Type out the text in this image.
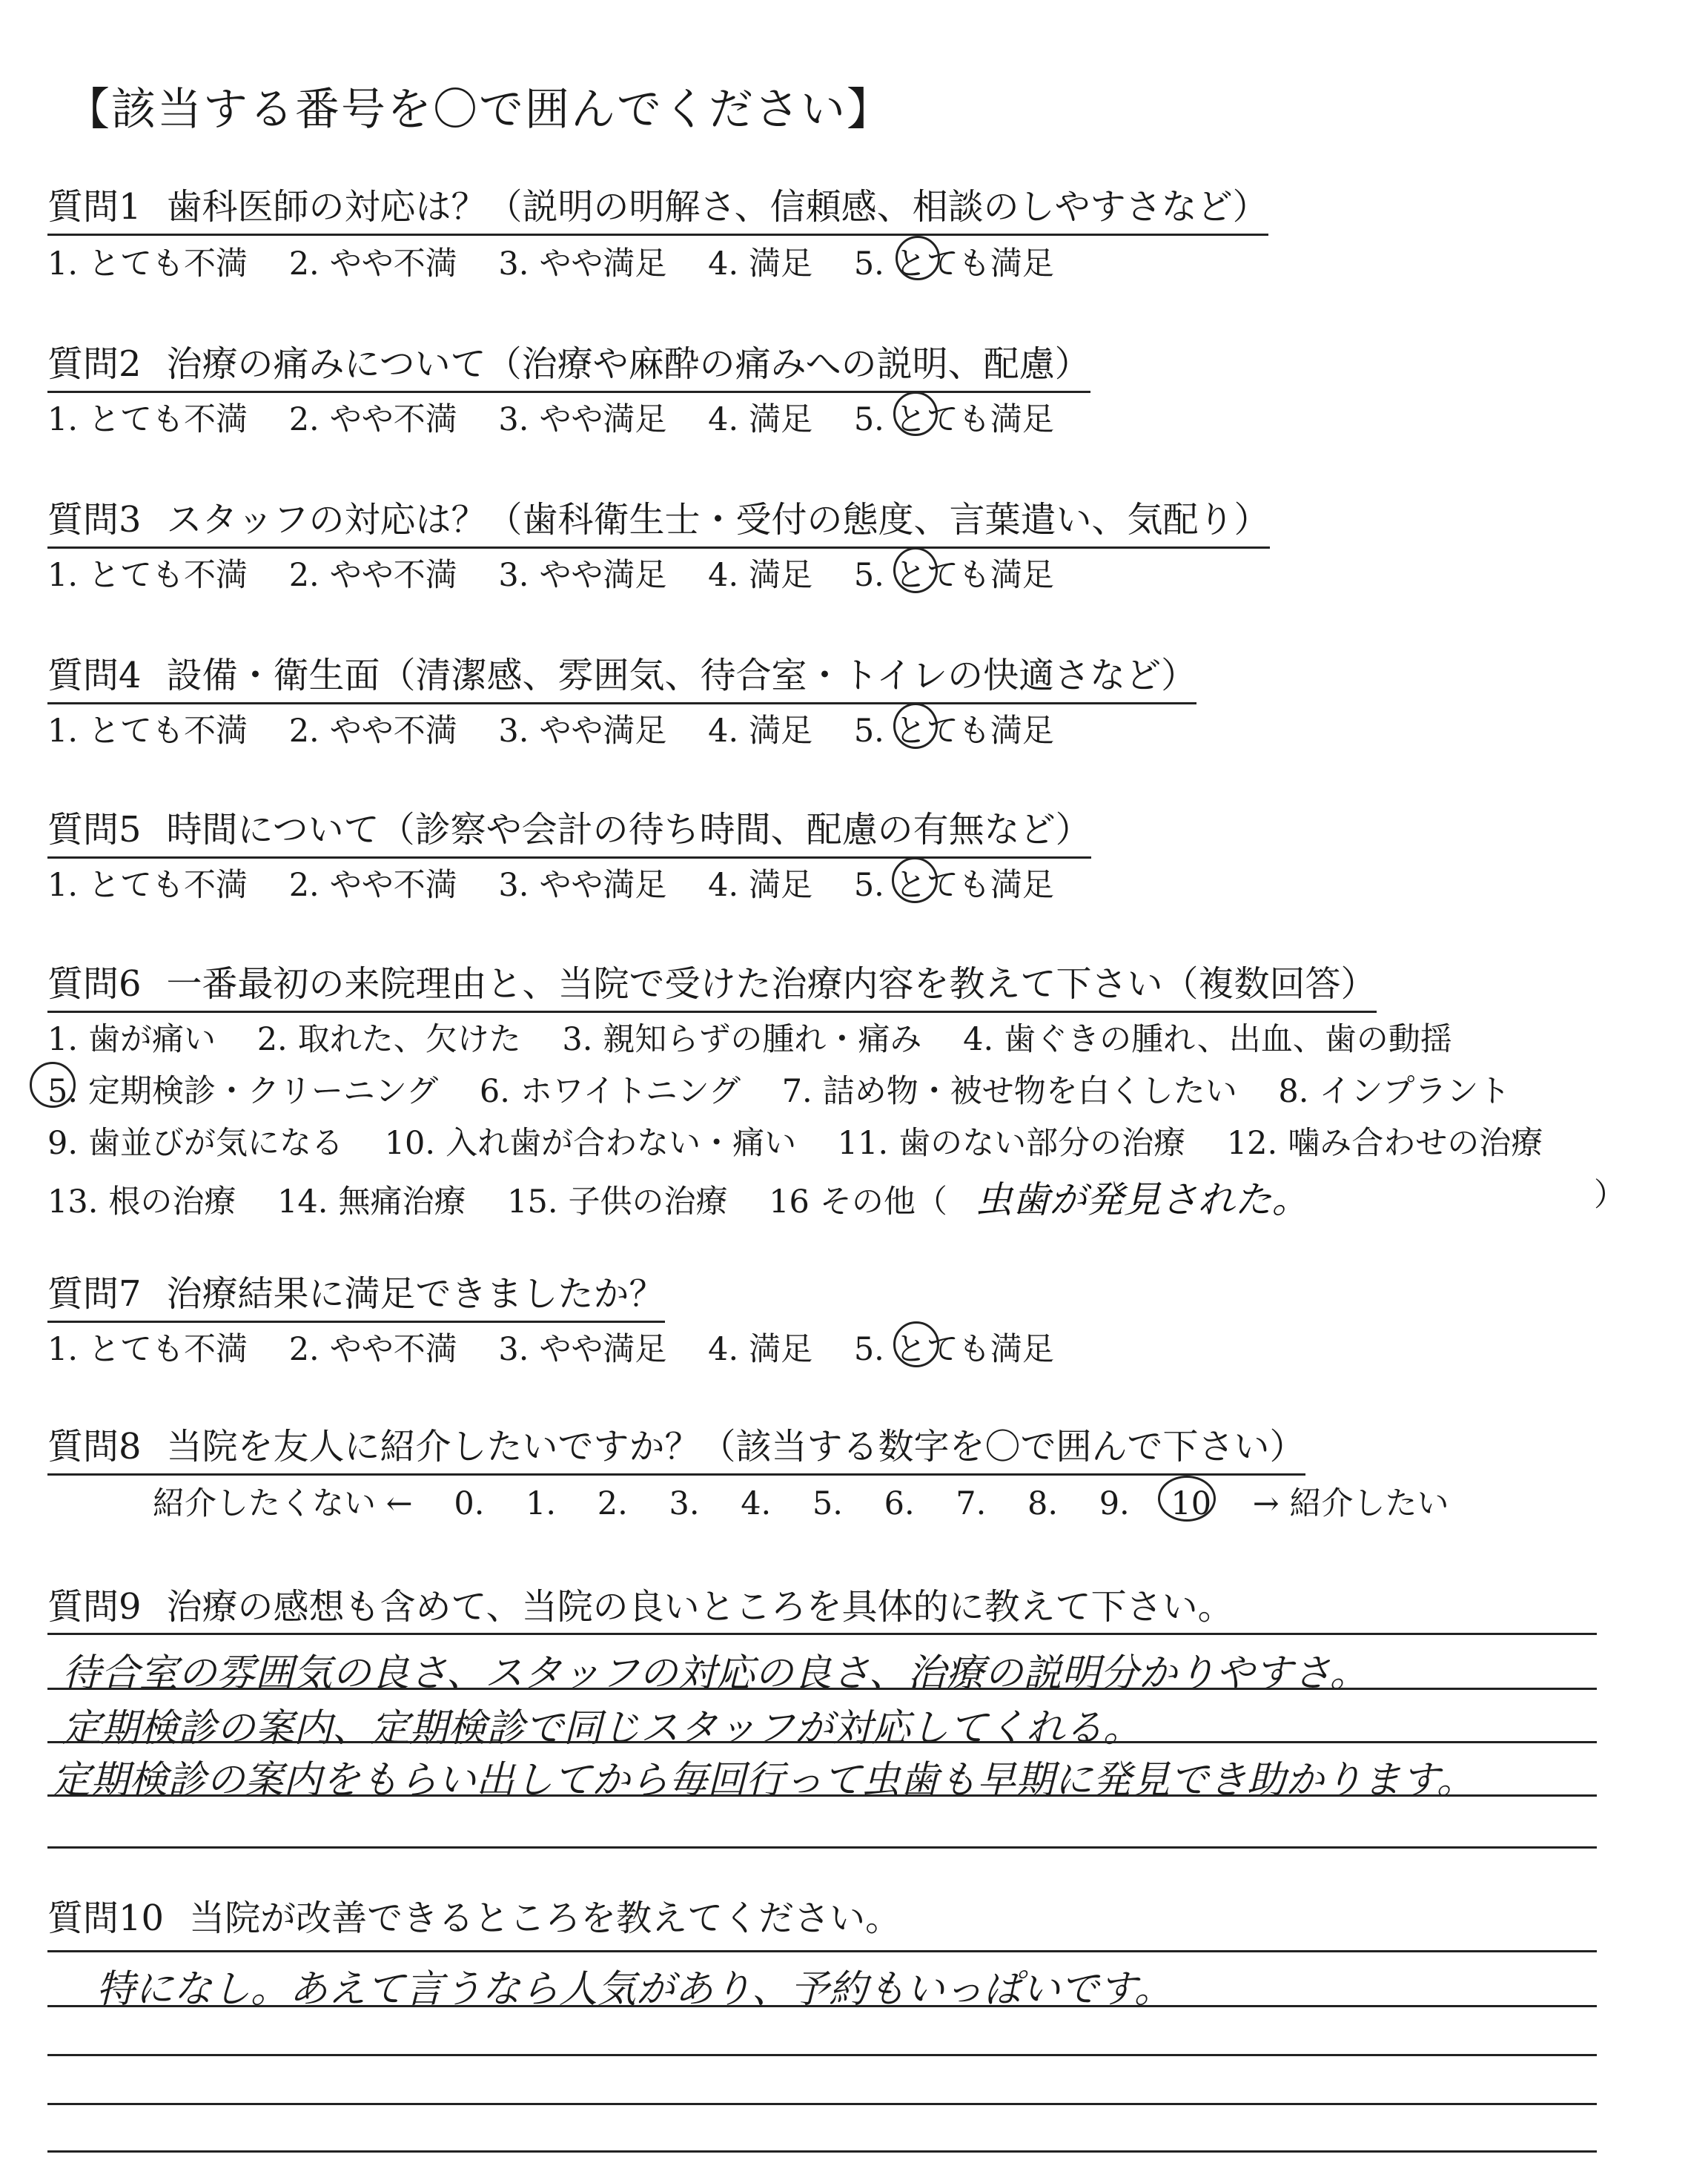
【該当する番号を〇で囲んでください】
質問1 歯科医師の対応は？（説明の明解さ、信頼感、相談のしやすさなど）
1. とても不満 2. やや不満 3. やや満足 4. 満足 5. とても満足
質問2 治療の痛みについて（治療や麻酔の痛みへの説明、配慮）
1. とても不満 2. やや不満 3. やや満足 4. 満足 5. とても満足
質問3 スタッフの対応は？（歯科衛生士・受付の態度、言葉遣い、気配り）
1. とても不満 2. やや不満 3. やや満足 4. 満足 5. とても満足
質問4 設備・衛生面（清潔感、雰囲気、待合室・トイレの快適さなど）
1. とても不満 2. やや不満 3. やや満足 4. 満足 5. とても満足
質問5 時間について（診察や会計の待ち時間、配慮の有無など）
1. とても不満 2. やや不満 3. やや満足 4. 満足 5. とても満足
質問6 一番最初の来院理由と、当院で受けた治療内容を教えて下さい（複数回答）
1. 歯が痛い 2. 取れた、欠けた 3. 親知らずの腫れ・痛み 4. 歯ぐきの腫れ、出血、歯の動揺
5. 定期検診・クリーニング 6. ホワイトニング 7. 詰め物・被せ物を白くしたい 8. インプラント
9. 歯並びが気になる 10. 入れ歯が合わない・痛い 11. 歯のない部分の治療 12. 噛み合わせの治療
13. 根の治療 14. 無痛治療 15. 子供の治療 16 その他（ 虫歯が発見された。	）
質問7 治療結果に満足できましたか？
1. とても不満 2. やや不満 3. やや満足 4. 満足 5. とても満足
質問8 当院を友人に紹介したいですか？（該当する数字を〇で囲んで下さい）
紹介したくない ← 0. 1. 2. 3. 4. 5. 6. 7. 8. 9. 10 → 紹介したい
質問9 治療の感想も含めて、当院の良いところを具体的に教えて下さい。
待合室の雰囲気の良さ、スタッフの対応の良さ、治療の説明分かりやすさ。
定期検診の案内、定期検診で同じスタッフが対応してくれる。
定期検診の案内をもらい出してから毎回行って虫歯も早期に発見でき助かります。
質問10 当院が改善できるところを教えてください。
特になし。あえて言うなら人気があり、予約もいっぱいです。
